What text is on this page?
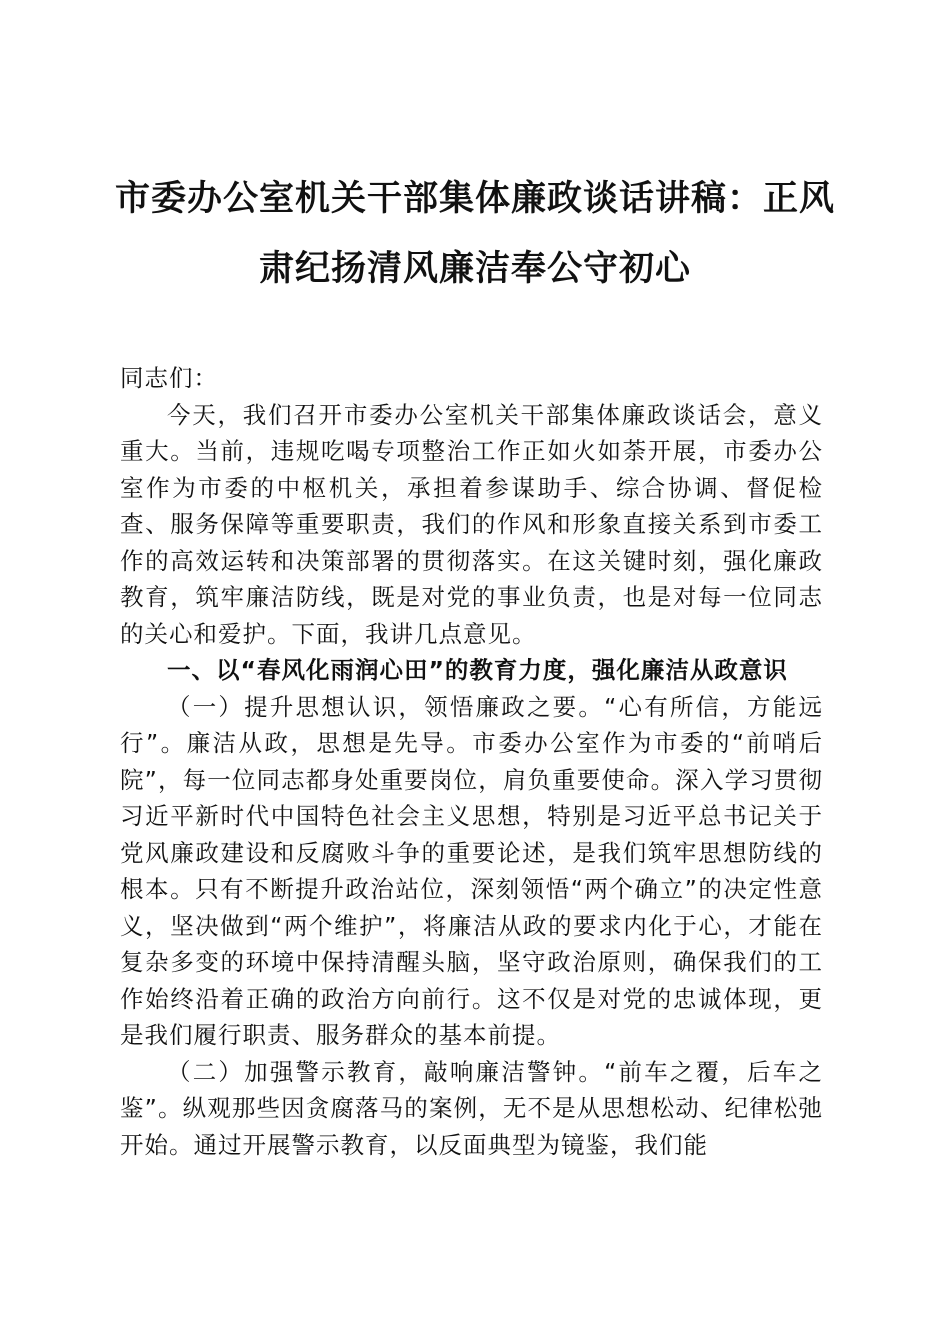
市委办公室机关干部集体廉政谈话讲稿：正风肃纪扬清风廉洁奉公守初心

同志们：

今天，我们召开市委办公室机关干部集体廉政谈话会，意义重大。当前，违规吃喝专项整治工作正如火如荼开展，市委办公室作为市委的中枢机关，承担着参谋助手、综合协调、督促检查、服务保障等重要职责，我们的作风和形象直接关系到市委工作的高效运转和决策部署的贯彻落实。在这关键时刻，强化廉政教育，筑牢廉洁防线，既是对党的事业负责，也是对每一位同志的关心和爱护。下面，我讲几点意见。

一、以“春风化雨润心田”的教育力度，强化廉洁从政意识

（一）提升思想认识，领悟廉政之要。“心有所信，方能远行”。廉洁从政，思想是先导。市委办公室作为市委的“前哨后院”，每一位同志都身处重要岗位，肩负重要使命。深入学习贯彻习近平新时代中国特色社会主义思想，特别是习近平总书记关于党风廉政建设和反腐败斗争的重要论述，是我们筑牢思想防线的根本。只有不断提升政治站位，深刻领悟“两个确立”的决定性意义，坚决做到“两个维护”，将廉洁从政的要求内化于心，才能在复杂多变的环境中保持清醒头脑，坚守政治原则，确保我们的工作始终沿着正确的政治方向前行。这不仅是对党的忠诚体现，更是我们履行职责、服务群众的基本前提。

（二）加强警示教育，敲响廉洁警钟。“前车之覆，后车之鉴”。纵观那些因贪腐落马的案例，无不是从思想松动、纪律松弛开始。通过开展警示教育，以反面典型为镜鉴，我们能
